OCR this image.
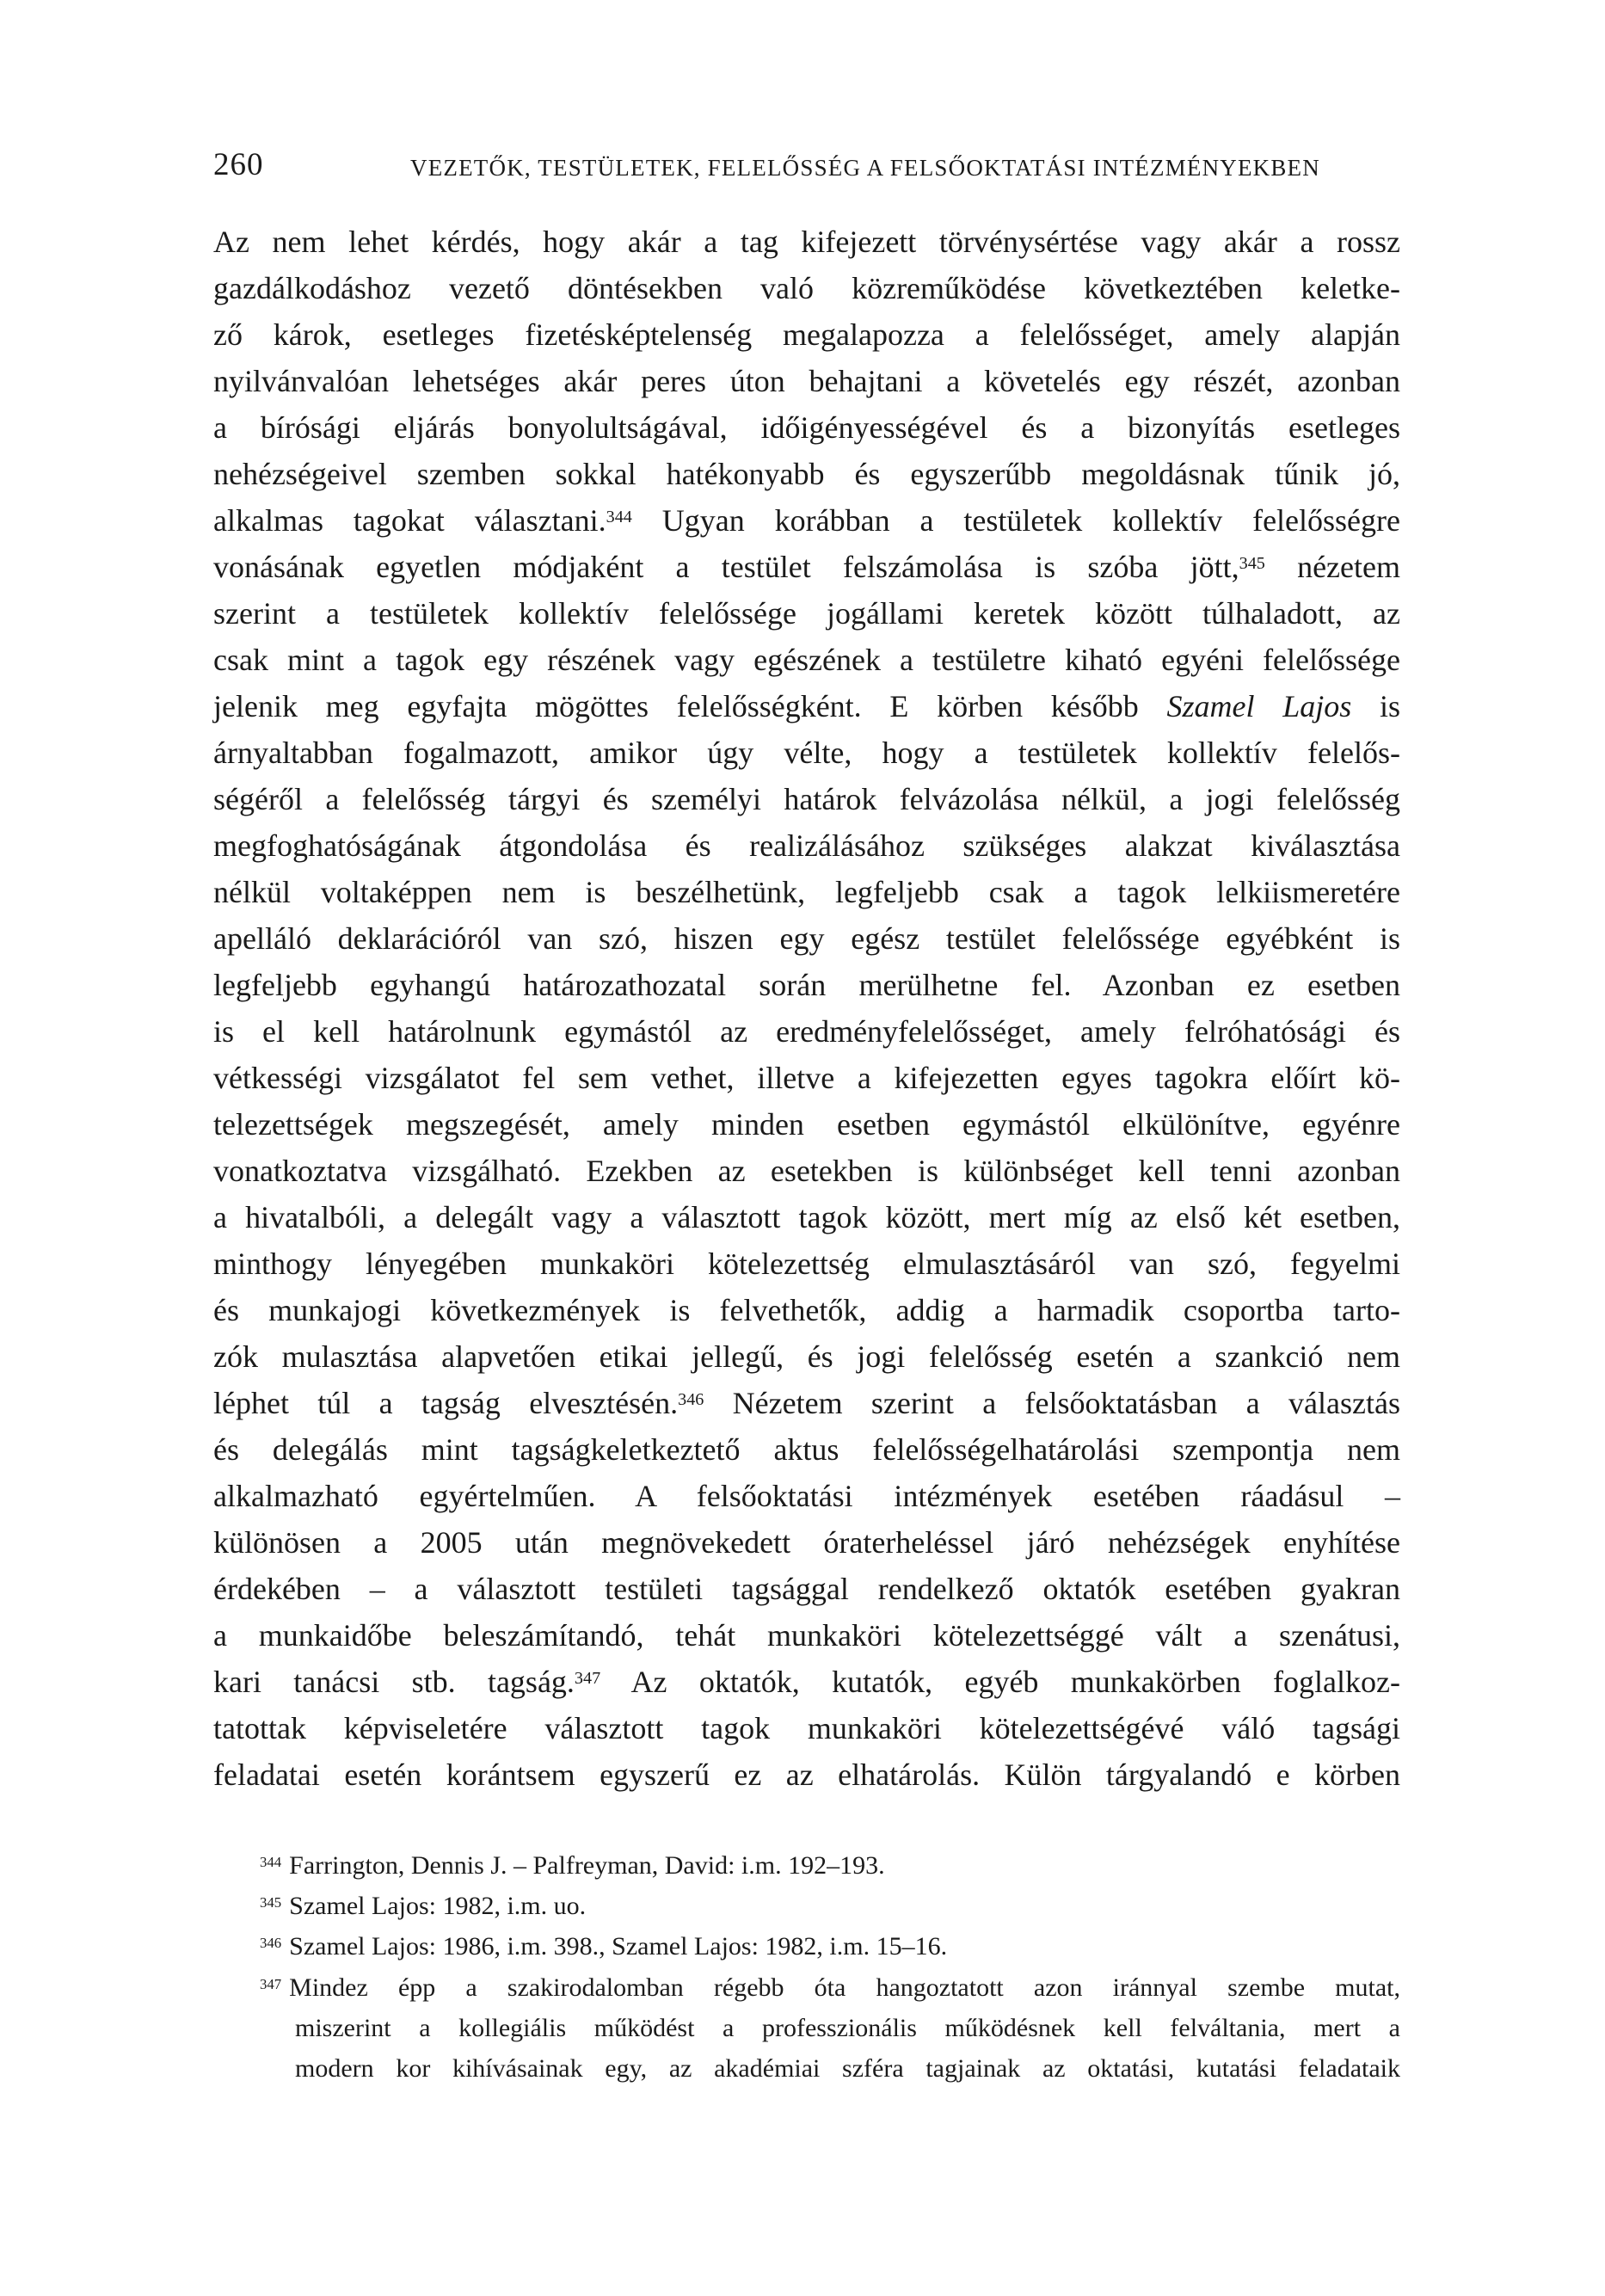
260	VEZETŐK, TESTÜLETEK, FELELŐSSÉG A FELSŐOKTATÁSI INTÉZMÉNYEKBEN
Az nem lehet kérdés, hogy akár a tag kifejezett törvénysértése vagy akár a rossz
gazdálkodáshoz vezető döntésekben való közreműködése következtében keletke-
ző károk, esetleges fizetésképtelenség megalapozza a felelősséget, amely alapján
nyilvánvalóan lehetséges akár peres úton behajtani a követelés egy részét, azonban
a bírósági eljárás bonyolultságával, időigényességével és a bizonyítás esetleges
nehézségeivel szemben sokkal hatékonyabb és egyszerűbb megoldásnak tűnik jó,
alkalmas tagokat választani.$^{344}$ Ugyan korábban a testületek kollektív felelősségre
vonásának egyetlen módjaként a testület felszámolása is szóba jött,$^{345}$ nézetem
szerint a testületek kollektív felelőssége jogállami keretek között túlhaladott, az
csak mint a tagok egy részének vagy egészének a testületre kiható egyéni felelőssége
jelenik meg egyfajta mögöttes felelősségként. E körben később Szamel Lajos is
árnyaltabban fogalmazott, amikor úgy vélte, hogy a testületek kollektív felelős-
ségéről a felelősség tárgyi és személyi határok felvázolása nélkül, a jogi felelősség
megfoghatóságának átgondolása és realizálásához szükséges alakzat kiválasztása
nélkül voltaképpen nem is beszélhetünk, legfeljebb csak a tagok lelkiismeretére
apelláló deklarációról van szó, hiszen egy egész testület felelőssége egyébként is
legfeljebb egyhangú határozathozatal során merülhetne fel. Azonban ez esetben
is el kell határolnunk egymástól az eredményfelelősséget, amely felróhatósági és
vétkességi vizsgálatot fel sem vethet, illetve a kifejezetten egyes tagokra előírt kö-
telezettségek megszegését, amely minden esetben egymástól elkülönítve, egyénre
vonatkoztatva vizsgálható. Ezekben az esetekben is különbséget kell tenni azonban
a hivatalbóli, a delegált vagy a választott tagok között, mert míg az első két esetben,
minthogy lényegében munkaköri kötelezettség elmulasztásáról van szó, fegyelmi
és munkajogi következmények is felvethetők, addig a harmadik csoportba tarto-
zók mulasztása alapvetően etikai jellegű, és jogi felelősség esetén a szankció nem
léphet túl a tagság elvesztésén.$^{346}$ Nézetem szerint a felsőoktatásban a választás
és delegálás mint tagságkeletkeztető aktus felelősségelhatárolási szempontja nem
alkalmazható egyértelműen. A felsőoktatási intézmények esetében ráadásul –
különösen a 2005 után megnövekedett óraterheléssel járó nehézségek enyhítése
érdekében – a választott testületi tagsággal rendelkező oktatók esetében gyakran
a munkaidőbe beleszámítandó, tehát munkaköri kötelezettséggé vált a szenátusi,
kari tanácsi stb. tagság.$^{347}$ Az oktatók, kutatók, egyéb munkakörben foglalkoz-
tatottak képviseletére választott tagok munkaköri kötelezettségévé váló tagsági
feladatai esetén korántsem egyszerű ez az elhatárolás. Külön tárgyalandó e körben
$^{344}$ Farrington, Dennis J. – Palfreyman, David: i.m. 192–193.
$^{345}$ Szamel Lajos: 1982, i.m. uo.
$^{346}$ Szamel Lajos: 1986, i.m. 398., Szamel Lajos: 1982, i.m. 15–16.
$^{347}$ Mindez épp a szakirodalomban régebb óta hangoztatott azon iránnyal szembe mutat,
miszerint a kollegiális működést a professzionális működésnek kell felváltania, mert a
modern kor kihívásainak egy, az akadémiai szféra tagjainak az oktatási, kutatási feladataik
